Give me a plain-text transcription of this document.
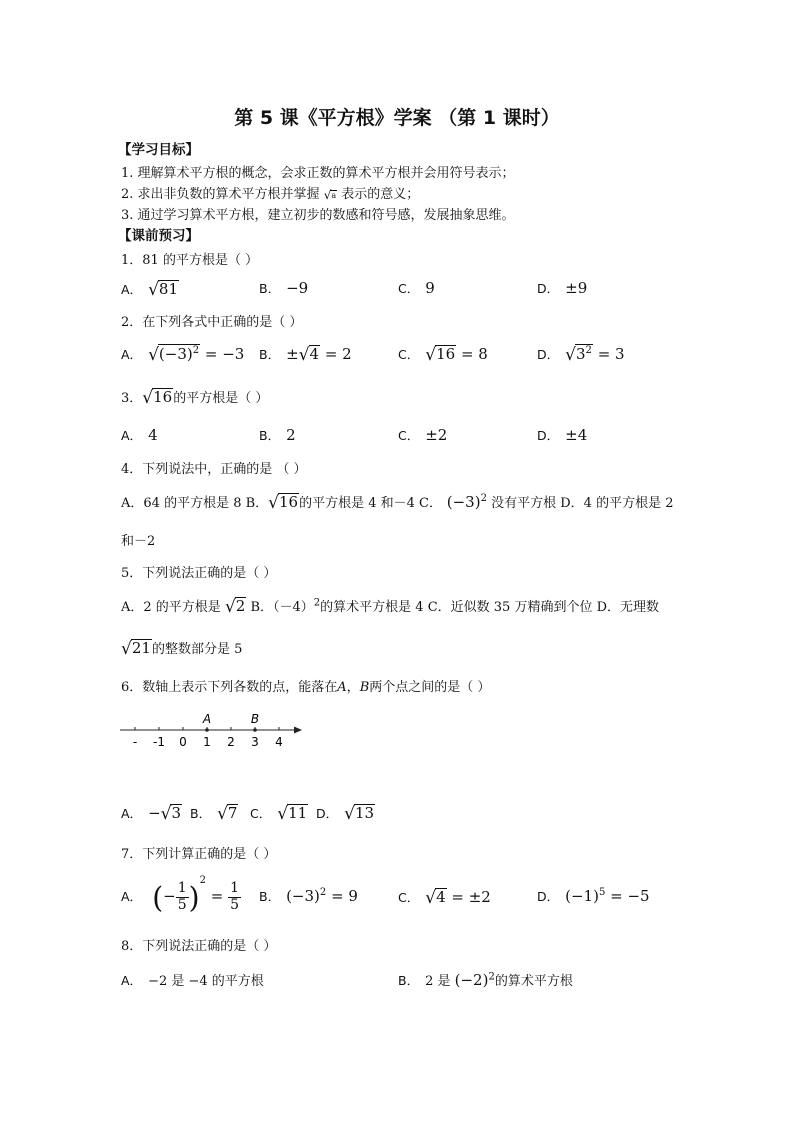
第 5 课《平方根》学案 （第 1 课时）
【学习目标】
1. 理解算术平方根的概念，会求正数的算术平方根并会用符号表示；
2. 求出非负数的算术平方根并掌握 √a 表示的意义；
3. 通过学习算术平方根，建立初步的数感和符号感，发展抽象思维。
【课前预习】
1．81 的平方根是（ ）
A． √81	B． −9	C． 9	D． ±9
2．在下列各式中正确的是（ ）
A． $√(-3)^2 = -3$ B． ±√4 = 2	C． √16 = 8	D． $√3^2 = 3$
3．√16的平方根是（ ）
A． 4	B． 2	C． ±2	D． ±4
4．下列说法中，正确的是 （ ）
A．64 的平方根是 8 B．√16的平方根是 4 和－4 C． $(-3)^2$ 没有平方根 D．4 的平方根是 2
和－2
5．下列说法正确的是（ ）
A．2 的平方根是 √2 B．$(-4)^2$的算术平方根是 4 C．近似数 35 万精确到个位 D．无理数
√21的整数部分是 5
6．数轴上表示下列各数的点，能落在A，B两个点之间的是（ ）
A	B
- -1 0 1 2 3 4
A． −√3 B． √7 C． √11 D． √13
7．下列计算正确的是（ ）
A． (− $\frac{1}{5} )^2 = \frac{1}{5}$ B． $(-3)^2 = 9$	C． √4 = ±2	D． $(-1)^5 = -5$
8．下列说法正确的是（ ）
A． −2 是 −4 的平方根	B． 2 是 $(-2)^2$的算术平方根
